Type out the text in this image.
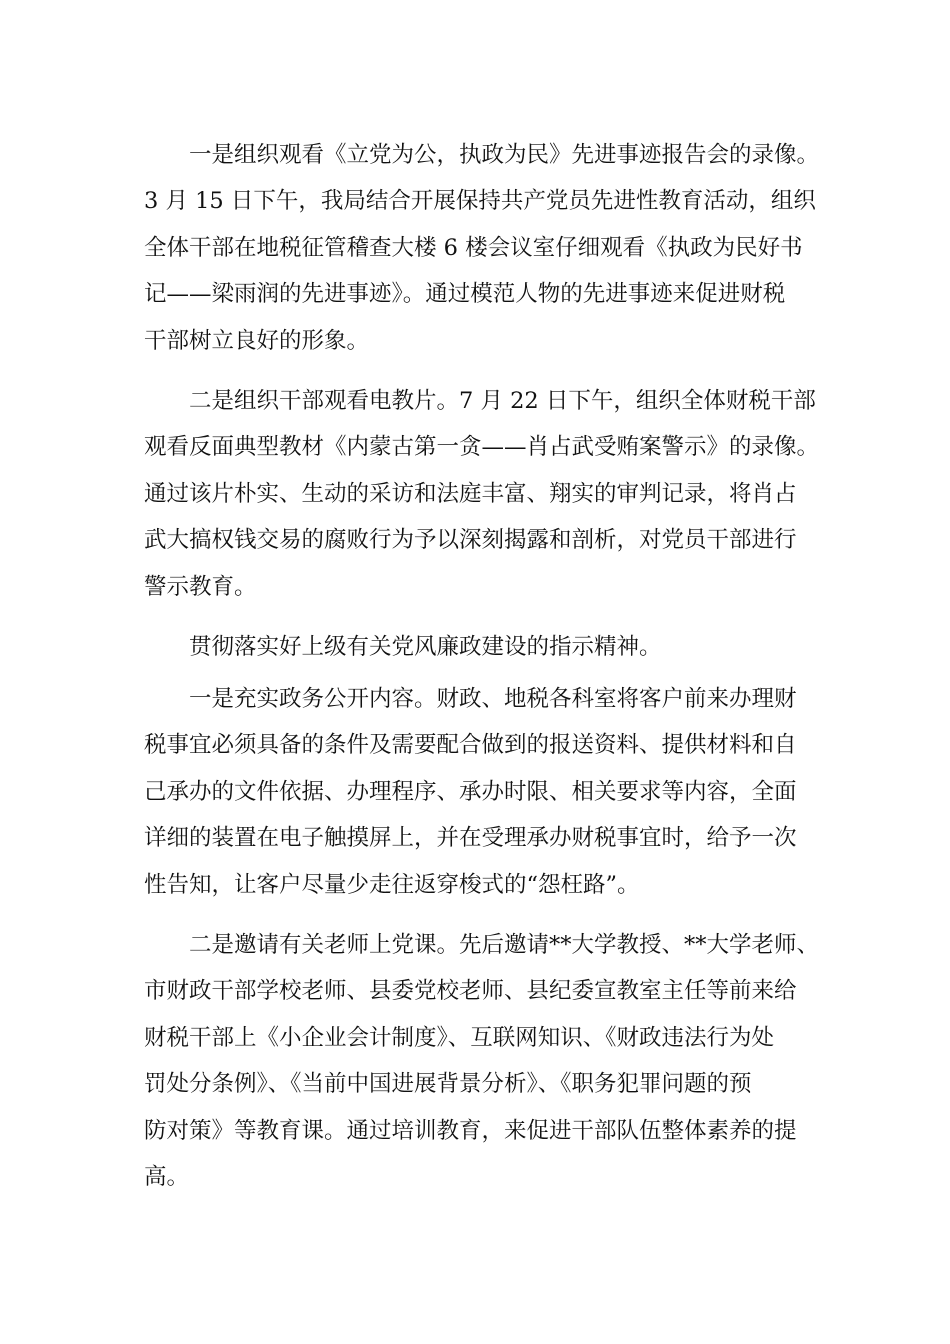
一是组织观看《立党为公，执政为民》先进事迹报告会的录像。

3 月 15 日下午，我局结合开展保持共产党员先进性教育活动，组织

全体干部在地税征管稽查大楼 6 楼会议室仔细观看《执政为民好书

记——梁雨润的先进事迹》。通过模范人物的先进事迹来促进财税

干部树立良好的形象。

二是组织干部观看电教片。7 月 22 日下午，组织全体财税干部

观看反面典型教材《内蒙古第一贪——肖占武受贿案警示》的录像。

通过该片朴实、生动的采访和法庭丰富、翔实的审判记录，将肖占

武大搞权钱交易的腐败行为予以深刻揭露和剖析，对党员干部进行

警示教育。

贯彻落实好上级有关党风廉政建设的指示精神。

一是充实政务公开内容。财政、地税各科室将客户前来办理财

税事宜必须具备的条件及需要配合做到的报送资料、提供材料和自

己承办的文件依据、办理程序、承办时限、相关要求等内容，全面

详细的装置在电子触摸屏上，并在受理承办财税事宜时，给予一次

性告知，让客户尽量少走往返穿梭式的“怨枉路”。

二是邀请有关老师上党课。先后邀请**大学教授、**大学老师、

市财政干部学校老师、县委党校老师、县纪委宣教室主任等前来给

财税干部上《小企业会计制度》、互联网知识、《财政违法行为处

罚处分条例》、《当前中国进展背景分析》、《职务犯罪问题的预

防对策》等教育课。通过培训教育，来促进干部队伍整体素养的提

高。
